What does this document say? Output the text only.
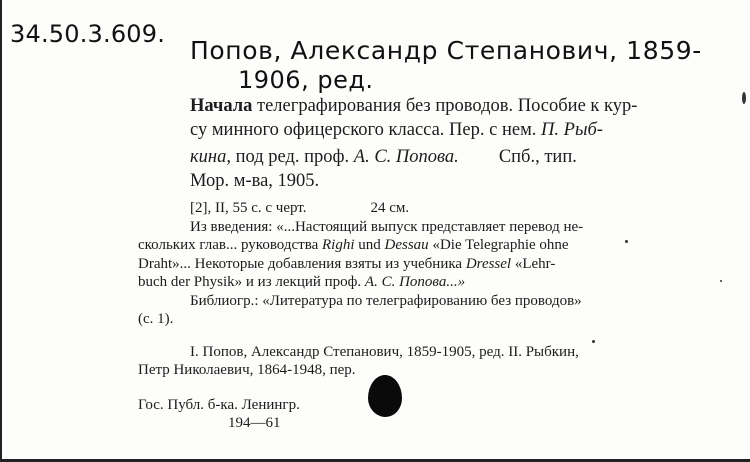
34.50.3.609.
Попов, Александр Степанович, 1859-
1906, ред.
Начала телеграфирования без проводов. Пособие к кур-
су минного офицерского класса. Пер. с нем. П. Рыб-
кина, под ред. проф. А. С. Попова. Спб., тип.
Мор. м-ва, 1905.
[2], II, 55 с. с черт.	24 см.
Из введения: «...Настоящий выпуск представляет перевод не-
скольких глав... руководства Righi und Dessau «Die Telegraphie ohne
Draht»... Некоторые добавления взяты из учебника Dressel «Lehr-
buch der Physik» и из лекций проф. А. С. Попова...»
Библиогр.: «Литература по телеграфированию без проводов»
(с. 1).
I. Попов, Александр Степанович, 1859-1905, ред. II. Рыбкин,
Петр Николаевич, 1864-1948, пер.
Гос. Публ. б-ка. Ленингр.
194—61
